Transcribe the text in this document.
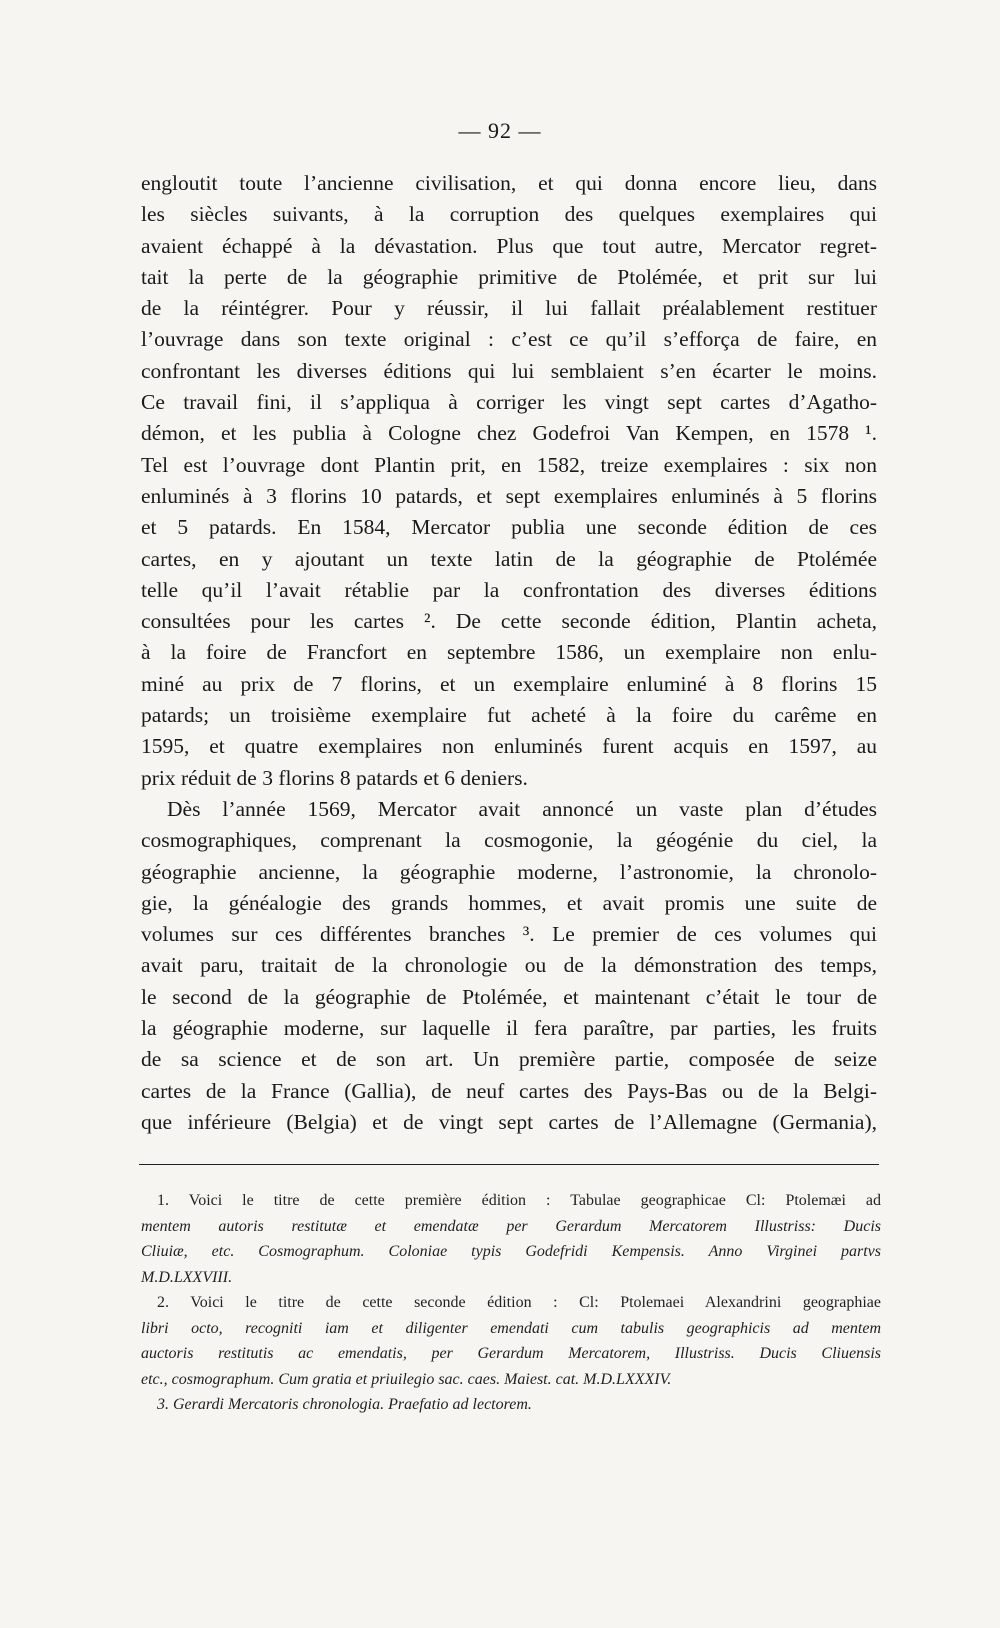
— 92 —
engloutit toute l’ancienne civilisation, et qui donna encore lieu, dans
les siècles suivants, à la corruption des quelques exemplaires qui
avaient échappé à la dévastation. Plus que tout autre, Mercator regret-
tait la perte de la géographie primitive de Ptolémée, et prit sur lui
de la réintégrer. Pour y réussir, il lui fallait préalablement restituer
l’ouvrage dans son texte original : c’est ce qu’il s’efforça de faire, en
confrontant les diverses éditions qui lui semblaient s’en écarter le moins.
Ce travail fini, il s’appliqua à corriger les vingt sept cartes d’Agatho-
démon, et les publia à Cologne chez Godefroi Van Kempen, en 1578 ¹.
Tel est l’ouvrage dont Plantin prit, en 1582, treize exemplaires : six non
enluminés à 3 florins 10 patards, et sept exemplaires enluminés à 5 florins
et 5 patards. En 1584, Mercator publia une seconde édition de ces
cartes, en y ajoutant un texte latin de la géographie de Ptolémée
telle qu’il l’avait rétablie par la confrontation des diverses éditions
consultées pour les cartes ². De cette seconde édition, Plantin acheta,
à la foire de Francfort en septembre 1586, un exemplaire non enlu-
miné au prix de 7 florins, et un exemplaire enluminé à 8 florins 15
patards; un troisième exemplaire fut acheté à la foire du carême en
1595, et quatre exemplaires non enluminés furent acquis en 1597, au
prix réduit de 3 florins 8 patards et 6 deniers.
Dès l’année 1569, Mercator avait annoncé un vaste plan d’études
cosmographiques, comprenant la cosmogonie, la géogénie du ciel, la
géographie ancienne, la géographie moderne, l’astronomie, la chronolo-
gie, la généalogie des grands hommes, et avait promis une suite de
volumes sur ces différentes branches ³. Le premier de ces volumes qui
avait paru, traitait de la chronologie ou de la démonstration des temps,
le second de la géographie de Ptolémée, et maintenant c’était le tour de
la géographie moderne, sur laquelle il fera paraître, par parties, les fruits
de sa science et de son art. Un première partie, composée de seize
cartes de la France (Gallia), de neuf cartes des Pays-Bas ou de la Belgi-
que inférieure (Belgia) et de vingt sept cartes de l’Allemagne (Germania),
1. Voici le titre de cette première édition : Tabulae geographicae Cl: Ptolemæi ad
mentem autoris restitutæ et emendatæ per Gerardum Mercatorem Illustriss: Ducis
Cliuiæ, etc. Cosmographum. Coloniae typis Godefridi Kempensis. Anno Virginei partvs
M.D.LXXVIII.
2. Voici le titre de cette seconde édition : Cl: Ptolemaei Alexandrini geographiae
libri octo, recogniti iam et diligenter emendati cum tabulis geographicis ad mentem
auctoris restitutis ac emendatis, per Gerardum Mercatorem, Illustriss. Ducis Cliuensis
etc., cosmographum. Cum gratia et priuilegio sac. caes. Maiest. cat. M.D.LXXXIV.
3. Gerardi Mercatoris chronologia. Praefatio ad lectorem.
